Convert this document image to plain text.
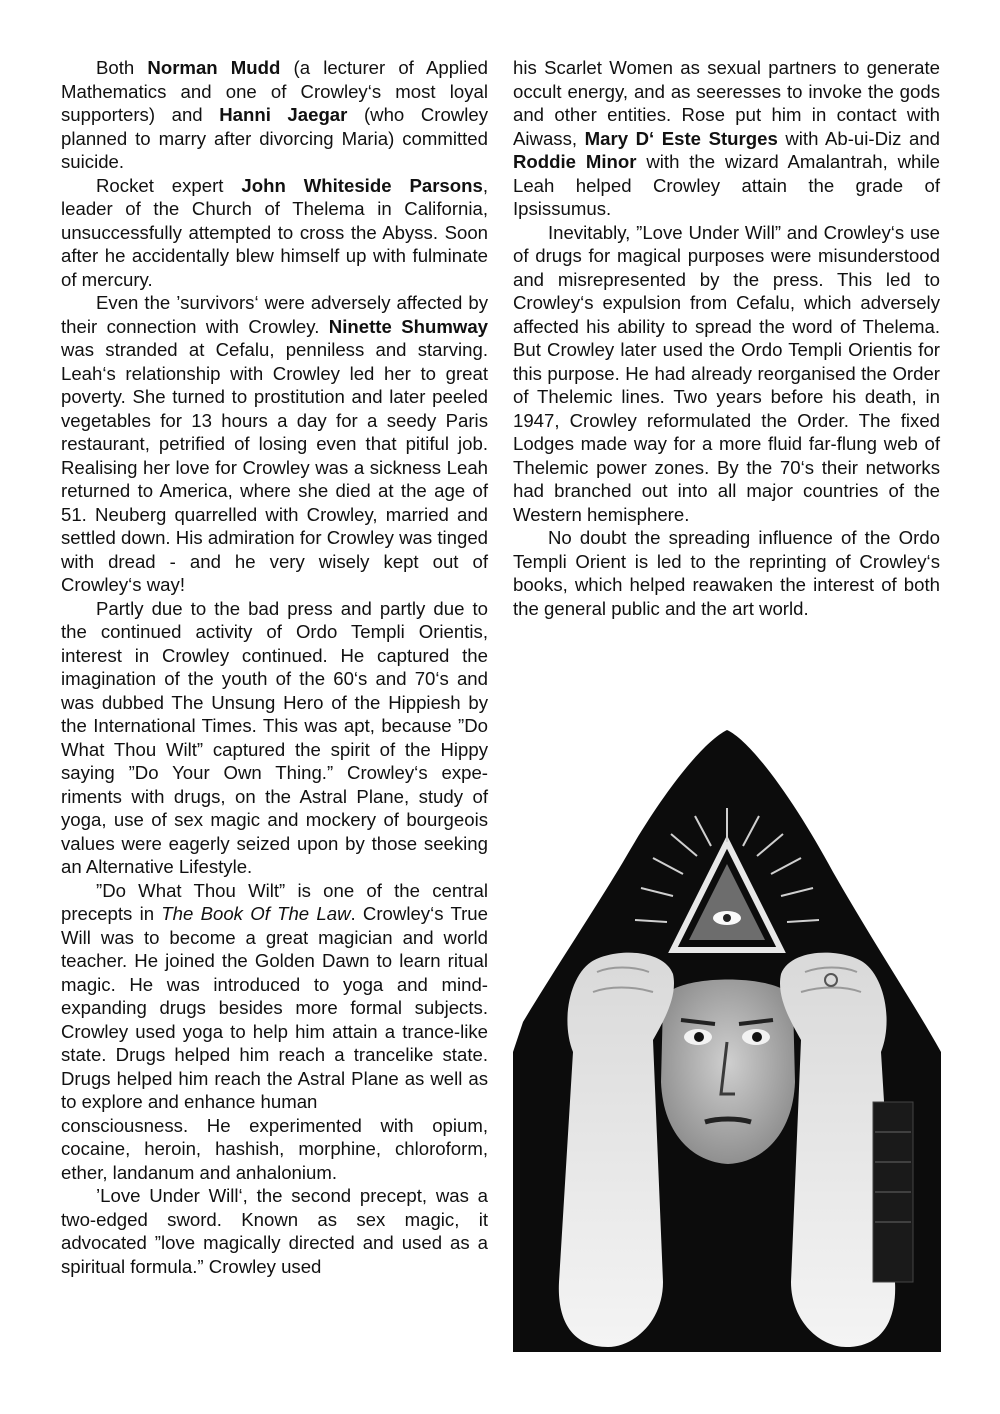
Both Norman Mudd (a lecturer of Applied Mathematics and one of Crowley‘s most loyal supporters) and Hanni Jaegar (who Crowley planned to marry after divorcing Maria) committed suicide.

Rocket expert John Whiteside Parsons, leader of the Church of Thelema in California, unsuccessfully attempted to cross the Abyss. Soon after he accidentally blew himself up with fulminate of mercury.

Even the ’survivors‘ were adversely affected by their connection with Crowley. Ninette Shumway was stranded at Cefalu, penniless and starving. Leah‘s relationship with Crowley led her to great poverty. She turned to prostitution and later peeled vegetables for 13 hours a day for a seedy Paris restaurant, petrified of losing even that pitiful job. Realising her love for Crowley was a sickness Leah returned to America, where she died at the age of 51. Neuberg quarrelled with Crowley, married and settled down. His admiration for Crowley was tinged with dread - and he very wisely kept out of Crowley‘s way!

Partly due to the bad press and partly due to the continued activity of Ordo Templi Orientis, interest in Crowley continued. He captured the imagination of the youth of the 60‘s and 70‘s and was dubbed The Unsung Hero of the Hippiesh by the International Times. This was apt, because ”Do What Thou Wilt” captured the spirit of the Hippy saying ”Do Your Own Thing.” Crowley‘s experiments with drugs, on the Astral Plane, study of yoga, use of sex magic and mockery of bourgeois values were eagerly seized upon by those seeking an Alternative Lifestyle.

”Do What Thou Wilt” is one of the central precepts in The Book Of The Law. Crowley‘s True Will was to become a great magician and world teacher. He joined the Golden Dawn to learn ritual magic. He was introduced to yoga and mind-expanding drugs besides more formal subjects. Crowley used yoga to help him attain a trance-like state. Drugs helped him reach a trancelike state. Drugs helped him reach the Astral Plane as well as to explore and enhance human

consciousness. He experimented with opium, cocaine, heroin, hashish, morphine, chloroform, ether, landanum and anhalonium.

’Love Under Will‘, the second precept, was a two-edged sword. Known as sex magic, it advocated ”love magically directed and used as a spiritual formula.” Crowley used

his Scarlet Women as sexual partners to generate occult energy, and as seeresses to invoke the gods and other entities. Rose put him in contact with Aiwass, Mary D‘ Este Sturges with Ab-ui-Diz and Roddie Minor with the wizard Amalantrah, while Leah helped Crowley attain the grade of Ipsissumus.

Inevitably, ”Love Under Will” and Crowley‘s use of drugs for magical purposes were misunderstood and misrepresented by the press. This led to Crowley‘s expulsion from Cefalu, which adversely affected his ability to spread the word of Thelema. But Crowley later used the Ordo Templi Orientis for this purpose. He had already reorganised the Order of Thelemic lines. Two years before his death, in 1947, Crowley reformulated the Order. The fixed Lodges made way for a more fluid far-flung web of Thelemic power zones. By the 70‘s their networks had branched out into all major countries of the Western hemisphere.

No doubt the spreading influence of the Ordo Templi Orient is led to the reprinting of Crowley‘s books, which helped reawaken the interest of both the general public and the art world.
